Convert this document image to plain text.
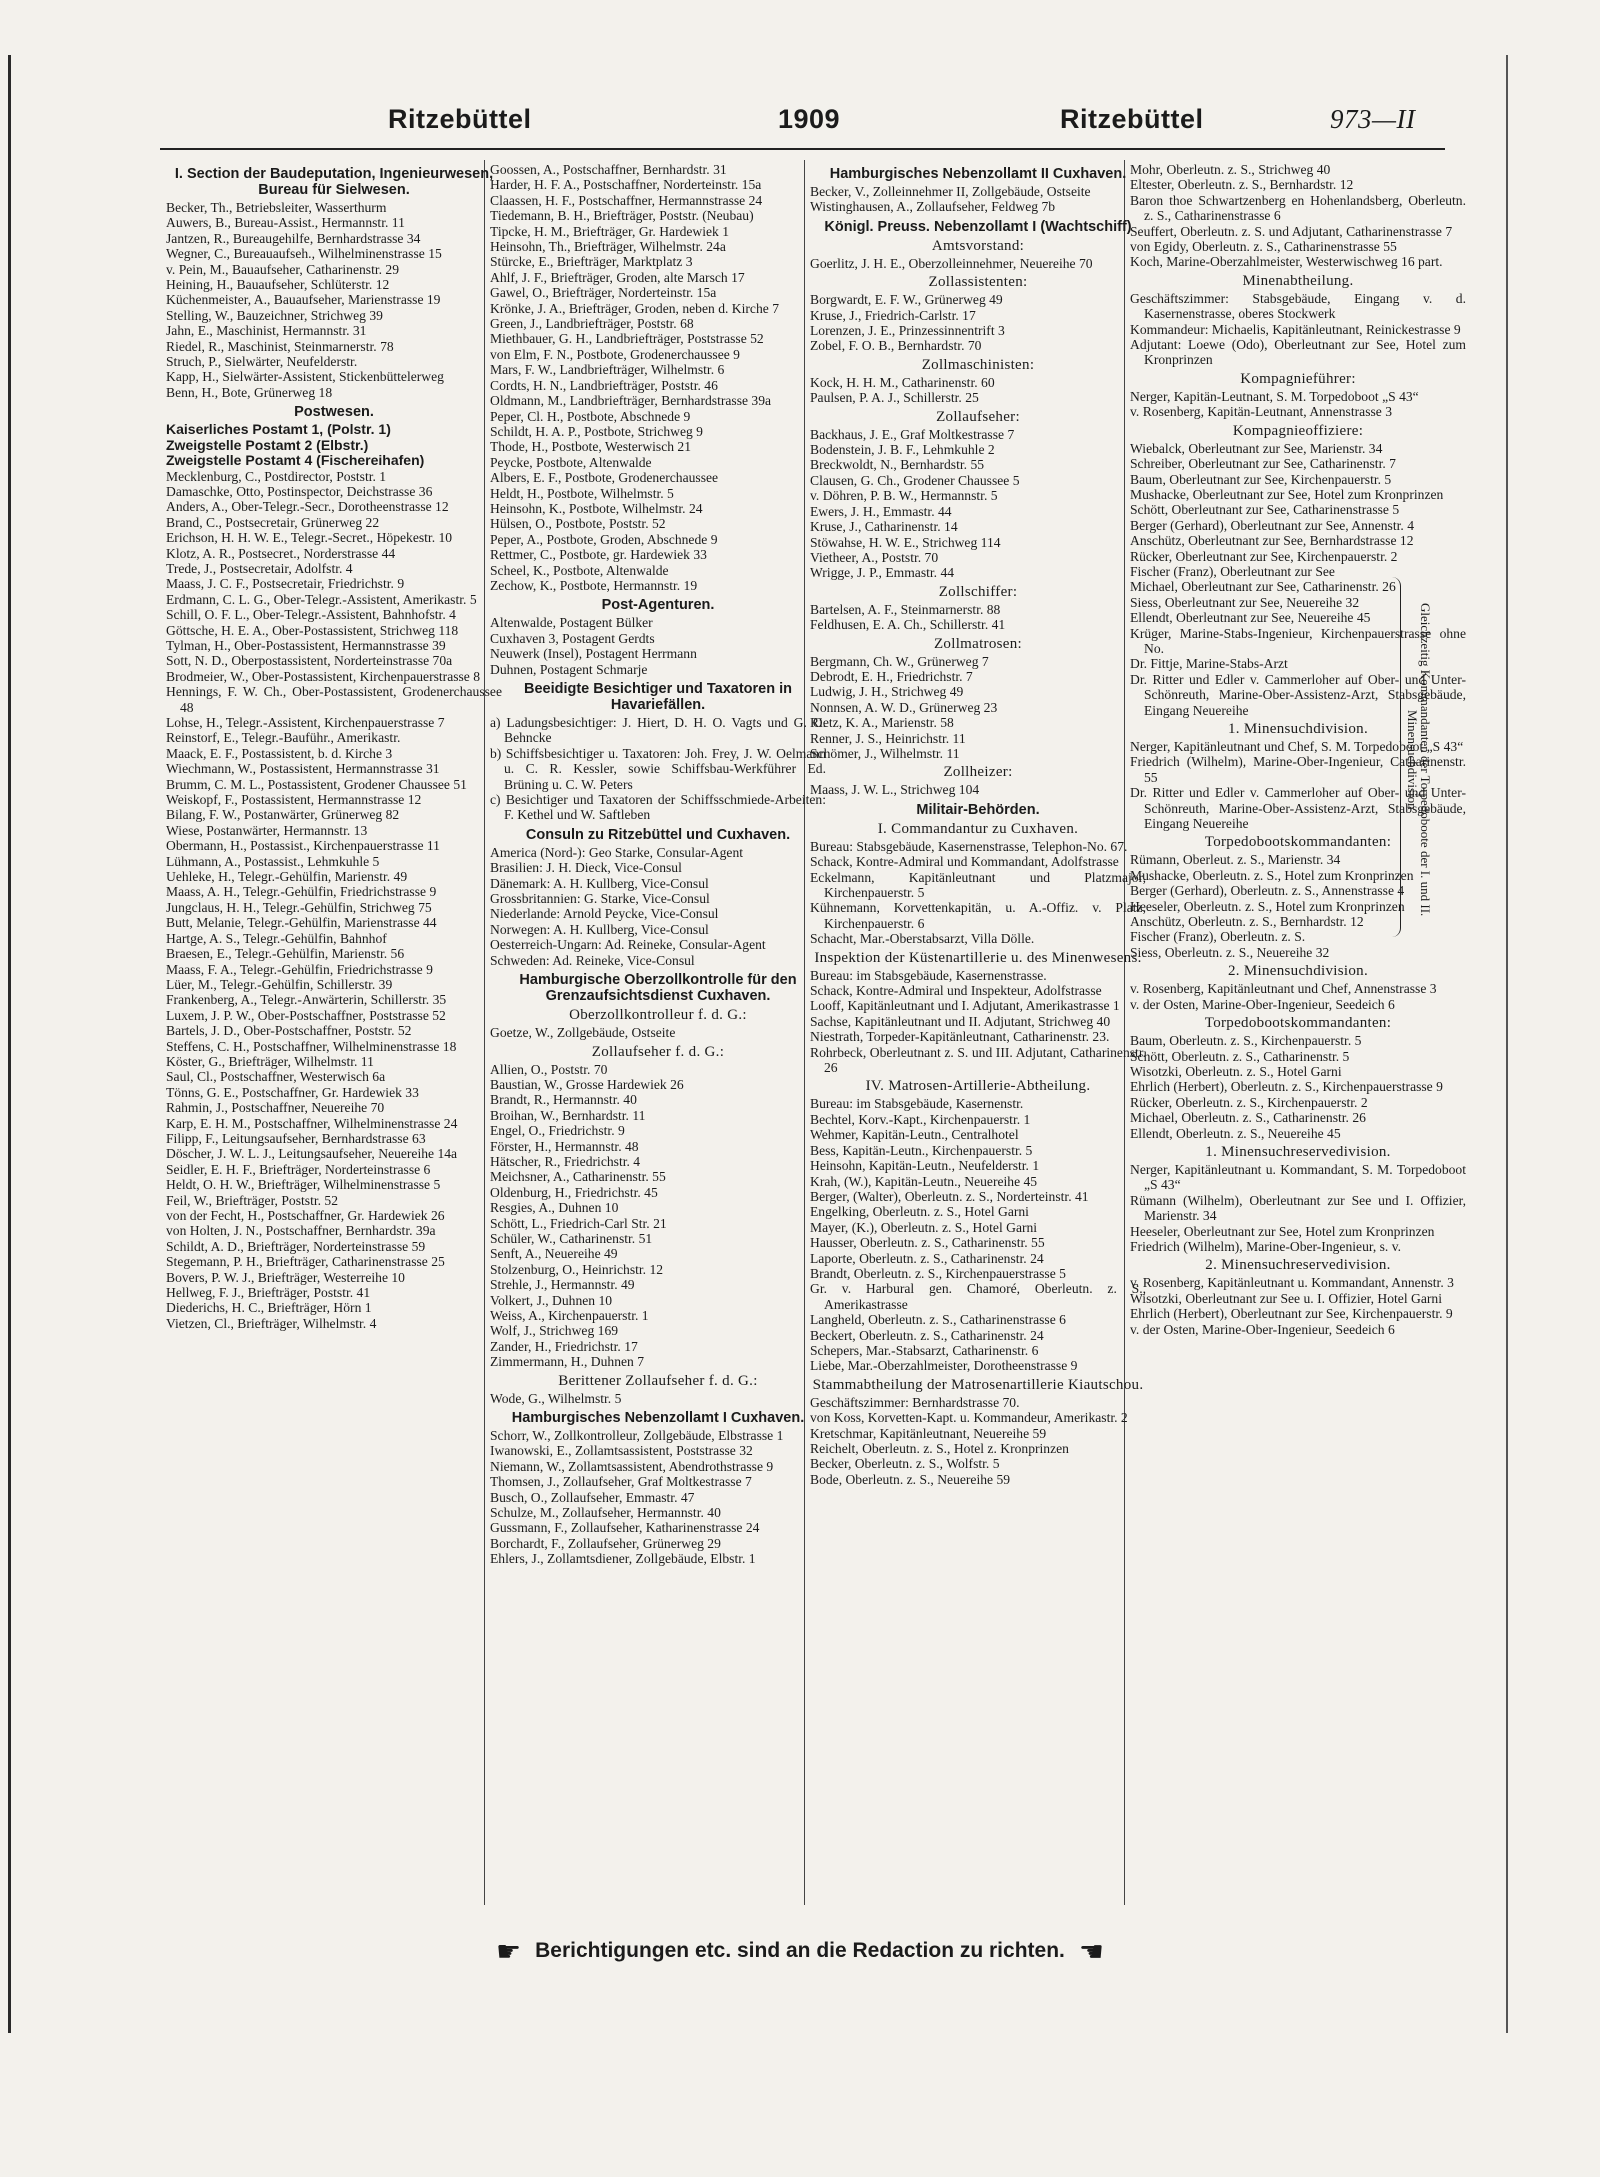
Ritzebüttel	1909	Ritzebüttel	973—II
I. Section der Baudeputation, Ingenieurwesen, Bureau für Sielwesen.
Becker, Th., Betriebsleiter, Wasserthurm
Auwers, B., Bureau-Assist., Hermannstr. 11
Jantzen, R., Bureaugehilfe, Bernhardstrasse 34
Wegner, C., Bureauaufseh., Wilhelminenstrasse 15
v. Pein, M., Bauaufseher, Catharinenstr. 29
Heining, H., Bauaufseher, Schlüterstr. 12
Küchenmeister, A., Bauaufseher, Marienstrasse 19
Stelling, W., Bauzeichner, Strichweg 39
Jahn, E., Maschinist, Hermannstr. 31
Riedel, R., Maschinist, Steinmarnerstr. 78
Struch, P., Sielwärter, Neufelderstr.
Kapp, H., Sielwärter-Assistent, Stickenbüttelerweg
Benn, H., Bote, Grünerweg 18
Postwesen.
Kaiserliches Postamt 1, (Polstr. 1)
Zweigstelle Postamt 2 (Elbstr.)
Zweigstelle Postamt 4 (Fischereihafen)
Mecklenburg, C., Postdirector, Poststr. 1
Damaschke, Otto, Postinspector, Deichstrasse 36
Anders, A., Ober-Telegr.-Secr., Dorotheenstrasse 12
Brand, C., Postsecretair, Grünerweg 22
Erichson, H. H. W. E., Telegr.-Secret., Höpekestr. 10
Klotz, A. R., Postsecret., Norderstrasse 44
Trede, J., Postsecretair, Adolfstr. 4
Maass, J. C. F., Postsecretair, Friedrichstr. 9
Erdmann, C. L. G., Ober-Telegr.-Assistent, Amerikastr. 5
Schill, O. F. L., Ober-Telegr.-Assistent, Bahnhofstr. 4
Göttsche, H. E. A., Ober-Postassistent, Strichweg 118
Tylman, H., Ober-Postassistent, Hermannstrasse 39
Sott, N. D., Oberpostassistent, Norderteinstrasse 70a
Brodmeier, W., Ober-Postassistent, Kirchenpauerstrasse 8
Hennings, F. W. Ch., Ober-Postassistent, Grodenerchaussee 48
Lohse, H., Telegr.-Assistent, Kirchenpauerstrasse 7
Reinstorf, E., Telegr.-Bauführ., Amerikastr.
Maack, E. F., Postassistent, b. d. Kirche 3
Wiechmann, W., Postassistent, Hermannstrasse 31
Brumm, C. M. L., Postassistent, Grodener Chaussee 51
Weiskopf, F., Postassistent, Hermannstrasse 12
Bilang, F. W., Postanwärter, Grünerweg 82
Wiese, Postanwärter, Hermannstr. 13
Obermann, H., Postassist., Kirchenpauerstrasse 11
Lühmann, A., Postassist., Lehmkuhle 5
Uehleke, H., Telegr.-Gehülfin, Marienstr. 49
Maass, A. H., Telegr.-Gehülfin, Friedrichstrasse 9
Jungclaus, H. H., Telegr.-Gehülfin, Strichweg 75
Butt, Melanie, Telegr.-Gehülfin, Marienstrasse 44
Hartge, A. S., Telegr.-Gehülfin, Bahnhof
Braesen, E., Telegr.-Gehülfin, Marienstr. 56
Maass, F. A., Telegr.-Gehülfin, Friedrichstrasse 9
Lüer, M., Telegr.-Gehülfin, Schillerstr. 39
Frankenberg, A., Telegr.-Anwärterin, Schillerstr. 35
Luxem, J. P. W., Ober-Postschaffner, Poststrasse 52
Bartels, J. D., Ober-Postschaffner, Poststr. 52
Steffens, C. H., Postschaffner, Wilhelminenstrasse 18
Köster, G., Briefträger, Wilhelmstr. 11
Saul, Cl., Postschaffner, Westerwisch 6a
Tönns, G. E., Postschaffner, Gr. Hardewiek 33
Rahmin, J., Postschaffner, Neuereihe 70
Karp, E. H. M., Postschaffner, Wilhelminenstrasse 24
Filipp, F., Leitungsaufseher, Bernhardstrasse 63
Döscher, J. W. L. J., Leitungsaufseher, Neuereihe 14a
Seidler, E. H. F., Briefträger, Norderteinstrasse 6
Heldt, O. H. W., Briefträger, Wilhelminenstrasse 5
Feil, W., Briefträger, Poststr. 52
von der Fecht, H., Postschaffner, Gr. Hardewiek 26
von Holten, J. N., Postschaffner, Bernhardstr. 39a
Schildt, A. D., Briefträger, Norderteinstrasse 59
Stegemann, P. H., Briefträger, Catharinenstrasse 25
Bovers, P. W. J., Briefträger, Westerreihe 10
Hellweg, F. J., Briefträger, Poststr. 41
Diederichs, H. C., Briefträger, Hörn 1
Vietzen, Cl., Briefträger, Wilhelmstr. 4
Goossen, A., Postschaffner, Bernhardstr. 31
Harder, H. F. A., Postschaffner, Norderteinstr. 15a
Claassen, H. F., Postschaffner, Hermannstrasse 24
Tiedemann, B. H., Briefträger, Poststr. (Neubau)
Tipcke, H. M., Briefträger, Gr. Hardewiek 1
Heinsohn, Th., Briefträger, Wilhelmstr. 24a
Stürcke, E., Briefträger, Marktplatz 3
Ahlf, J. F., Briefträger, Groden, alte Marsch 17
Gawel, O., Briefträger, Norderteinstr. 15a
Krönke, J. A., Briefträger, Groden, neben d. Kirche 7
Green, J., Landbriefträger, Poststr. 68
Miethbauer, G. H., Landbriefträger, Poststrasse 52
von Elm, F. N., Postbote, Grodenerchaussee 9
Mars, F. W., Landbriefträger, Wilhelmstr. 6
Cordts, H. N., Landbriefträger, Poststr. 46
Oldmann, M., Landbriefträger, Bernhardstrasse 39a
Peper, Cl. H., Postbote, Abschnede 9
Schildt, H. A. P., Postbote, Strichweg 9
Thode, H., Postbote, Westerwisch 21
Peycke, Postbote, Altenwalde
Albers, E. F., Postbote, Grodenerchaussee
Heldt, H., Postbote, Wilhelmstr. 5
Heinsohn, K., Postbote, Wilhelmstr. 24
Hülsen, O., Postbote, Poststr. 52
Peper, A., Postbote, Groden, Abschnede 9
Rettmer, C., Postbote, gr. Hardewiek 33
Scheel, K., Postbote, Altenwalde
Zechow, K., Postbote, Hermannstr. 19
Post-Agenturen.
Altenwalde, Postagent Bülker
Cuxhaven 3, Postagent Gerdts
Neuwerk (Insel), Postagent Herrmann
Duhnen, Postagent Schmarje
Beeidigte Besichtiger und Taxatoren in Havariefällen.
a) Ladungsbesichtiger: J. Hiert, D. H. O. Vagts und G. O. Behncke
b) Schiffsbesichtiger u. Taxatoren: Joh. Frey, J. W. Oelmann u. C. R. Kessler, sowie Schiffsbau-Werkführer Ed. Brüning u. C. W. Peters
c) Besichtiger und Taxatoren der Schiffsschmiede-Arbeiten: F. Kethel und W. Saftleben
Consuln zu Ritzebüttel und Cuxhaven.
America (Nord-): Geo Starke, Consular-Agent
Brasilien: J. H. Dieck, Vice-Consul
Dänemark: A. H. Kullberg, Vice-Consul
Grossbritannien: G. Starke, Vice-Consul
Niederlande: Arnold Peycke, Vice-Consul
Norwegen: A. H. Kullberg, Vice-Consul
Oesterreich-Ungarn: Ad. Reineke, Consular-Agent
Schweden: Ad. Reineke, Vice-Consul
Hamburgische Oberzollkontrolle für den Grenzaufsichtsdienst Cuxhaven.
Oberzollkontrolleur f. d. G.:
Goetze, W., Zollgebäude, Ostseite
Zollaufseher f. d. G.:
Allien, O., Poststr. 70
Baustian, W., Grosse Hardewiek 26
Brandt, R., Hermannstr. 40
Broihan, W., Bernhardstr. 11
Engel, O., Friedrichstr. 9
Förster, H., Hermannstr. 48
Hätscher, R., Friedrichstr. 4
Meichsner, A., Catharinenstr. 55
Oldenburg, H., Friedrichstr. 45
Resgies, A., Duhnen 10
Schött, L., Friedrich-Carl Str. 21
Schüler, W., Catharinenstr. 51
Senft, A., Neuereihe 49
Stolzenburg, O., Heinrichstr. 12
Strehle, J., Hermannstr. 49
Volkert, J., Duhnen 10
Weiss, A., Kirchenpauerstr. 1
Wolf, J., Strichweg 169
Zander, H., Friedrichstr. 17
Zimmermann, H., Duhnen 7
Berittener Zollaufseher f. d. G.:
Wode, G., Wilhelmstr. 5
Hamburgisches Nebenzollamt I Cuxhaven.
Schorr, W., Zollkontrolleur, Zollgebäude, Elbstrasse 1
Iwanowski, E., Zollamtsassistent, Poststrasse 32
Niemann, W., Zollamtsassistent, Abendrothstrasse 9
Thomsen, J., Zollaufseher, Graf Moltkestrasse 7
Busch, O., Zollaufseher, Emmastr. 47
Schulze, M., Zollaufseher, Hermannstr. 40
Gussmann, F., Zollaufseher, Katharinenstrasse 24
Borchardt, F., Zollaufseher, Grünerweg 29
Ehlers, J., Zollamtsdiener, Zollgebäude, Elbstr. 1
Hamburgisches Nebenzollamt II Cuxhaven.
Becker, V., Zolleinnehmer II, Zollgebäude, Ostseite
Wistinghausen, A., Zollaufseher, Feldweg 7b
Königl. Preuss. Nebenzollamt I (Wachtschiff)
Amtsvorstand:
Goerlitz, J. H. E., Oberzolleinnehmer, Neuereihe 70
Zollassistenten:
Borgwardt, E. F. W., Grünerweg 49
Kruse, J., Friedrich-Carlstr. 17
Lorenzen, J. E., Prinzessinnentrift 3
Zobel, F. O. B., Bernhardstr. 70
Zollmaschinisten:
Kock, H. H. M., Catharinenstr. 60
Paulsen, P. A. J., Schillerstr. 25
Zollaufseher:
Backhaus, J. E., Graf Moltkestrasse 7
Bodenstein, J. B. F., Lehmkuhle 2
Breckwoldt, N., Bernhardstr. 55
Clausen, G. Ch., Grodener Chaussee 5
v. Döhren, P. B. W., Hermannstr. 5
Ewers, J. H., Emmastr. 44
Kruse, J., Catharinenstr. 14
Stöwahse, H. W. E., Strichweg 114
Vietheer, A., Poststr. 70
Wrigge, J. P., Emmastr. 44
Zollschiffer:
Bartelsen, A. F., Steinmarnerstr. 88
Feldhusen, E. A. Ch., Schillerstr. 41
Zollmatrosen:
Bergmann, Ch. W., Grünerweg 7
Debrodt, E. H., Friedrichstr. 7
Ludwig, J. H., Strichweg 49
Nonnsen, A. W. D., Grünerweg 23
Rietz, K. A., Marienstr. 58
Renner, J. S., Heinrichstr. 11
Schömer, J., Wilhelmstr. 11
Zollheizer:
Maass, J. W. L., Strichweg 104
Militair-Behörden.
I. Commandantur zu Cuxhaven.
Bureau: Stabsgebäude, Kasernenstrasse, Telephon-No. 67.
Schack, Kontre-Admiral und Kommandant, Adolfstrasse
Eckelmann, Kapitänleutnant und Platzmajor, Kirchenpauerstr. 5
Kühnemann, Korvettenkapitän, u. A.-Offiz. v. Platz, Kirchenpauerstr. 6
Schacht, Mar.-Oberstabsarzt, Villa Dölle.
Inspektion der Küstenartillerie u. des Minenwesens.
Bureau: im Stabsgebäude, Kasernenstrasse.
Schack, Kontre-Admiral und Inspekteur, Adolfstrasse
Looff, Kapitänleutnant und I. Adjutant, Amerikastrasse 1
Sachse, Kapitänleutnant und II. Adjutant, Strichweg 40
Niestrath, Torpeder-Kapitänleutnant, Catharinenstr. 23.
Rohrbeck, Oberleutnant z. S. und III. Adjutant, Catharinenstr. 26
IV. Matrosen-Artillerie-Abtheilung.
Bureau: im Stabsgebäude, Kasernenstr.
Bechtel, Korv.-Kapt., Kirchenpauerstr. 1
Wehmer, Kapitän-Leutn., Centralhotel
Bess, Kapitän-Leutn., Kirchenpauerstr. 5
Heinsohn, Kapitän-Leutn., Neufelderstr. 1
Krah, (W.), Kapitän-Leutn., Neuereihe 45
Berger, (Walter), Oberleutn. z. S., Norderteinstr. 41
Engelking, Oberleutn. z. S., Hotel Garni
Mayer, (K.), Oberleutn. z. S., Hotel Garni
Hausser, Oberleutn. z. S., Catharinenstr. 55
Laporte, Oberleutn. z. S., Catharinenstr. 24
Brandt, Oberleutn. z. S., Kirchenpauerstrasse 5
Gr. v. Harbural gen. Chamoré, Oberleutn. z. S., Amerikastrasse
Langheld, Oberleutn. z. S., Catharinenstrasse 6
Beckert, Oberleutn. z. S., Catharinenstr. 24
Schepers, Mar.-Stabsarzt, Catharinenstr. 6
Liebe, Mar.-Oberzahlmeister, Dorotheenstrasse 9
Stammabtheilung der Matrosenartillerie Kiautschou.
Geschäftszimmer: Bernhardstrasse 70.
von Koss, Korvetten-Kapt. u. Kommandeur, Amerikastr. 2
Kretschmar, Kapitänleutnant, Neuereihe 59
Reichelt, Oberleutn. z. S., Hotel z. Kronprinzen
Becker, Oberleutn. z. S., Wolfstr. 5
Bode, Oberleutn. z. S., Neuereihe 59
Mohr, Oberleutn. z. S., Strichweg 40
Eltester, Oberleutn. z. S., Bernhardstr. 12
Baron thoe Schwartzenberg en Hohenlandsberg, Oberleutn. z. S., Catharinenstrasse 6
Seuffert, Oberleutn. z. S. und Adjutant, Catharinenstrasse 7
von Egidy, Oberleutn. z. S., Catharinenstrasse 55
Koch, Marine-Oberzahlmeister, Westerwischweg 16 part.
Minenabtheilung.
Geschäftszimmer: Stabsgebäude, Eingang v. d. Kasernenstrasse, oberes Stockwerk
Kommandeur: Michaelis, Kapitänleutnant, Reinickestrasse 9
Adjutant: Loewe (Odo), Oberleutnant zur See, Hotel zum Kronprinzen
Kompagnieführer:
Nerger, Kapitän-Leutnant, S. M. Torpedoboot „S 43“
v. Rosenberg, Kapitän-Leutnant, Annenstrasse 3
Kompagnieoffiziere:
Wiebalck, Oberleutnant zur See, Marienstr. 34
Schreiber, Oberleutnant zur See, Catharinenstr. 7
Baum, Oberleutnant zur See, Kirchenpauerstr. 5
Mushacke, Oberleutnant zur See, Hotel zum Kronprinzen
Schött, Oberleutnant zur See, Catharinenstrasse 5
Berger (Gerhard), Oberleutnant zur See, Annenstr. 4
Anschütz, Oberleutnant zur See, Bernhardstrasse 12
Rücker, Oberleutnant zur See, Kirchenpauerstr. 2
Fischer (Franz), Oberleutnant zur See
Michael, Oberleutnant zur See, Catharinenstr. 26
Siess, Oberleutnant zur See, Neuereihe 32
Ellendt, Oberleutnant zur See, Neuereihe 45
Krüger, Marine-Stabs-Ingenieur, Kirchenpauerstrasse ohne No.
Dr. Fittje, Marine-Stabs-Arzt
Dr. Ritter und Edler v. Cammerloher auf Ober- und Unter-Schönreuth, Marine-Ober-Assistenz-Arzt, Stabsgebäude, Eingang Neuereihe
1. Minensuchdivision.
Nerger, Kapitänleutnant und Chef, S. M. Torpedoboot „S 43“
Friedrich (Wilhelm), Marine-Ober-Ingenieur, Catharinenstr. 55
Dr. Ritter und Edler v. Cammerloher auf Ober- und Unter-Schönreuth, Marine-Ober-Assistenz-Arzt, Stabsgebäude, Eingang Neuereihe
Torpedobootskommandanten:
Rümann, Oberleut. z. S., Marienstr. 34
Mushacke, Oberleutn. z. S., Hotel zum Kronprinzen
Berger (Gerhard), Oberleutn. z. S., Annenstrasse 4
Heeseler, Oberleutn. z. S., Hotel zum Kronprinzen
Anschütz, Oberleutn. z. S., Bernhardstr. 12
Fischer (Franz), Oberleutn. z. S.
Siess, Oberleutn. z. S., Neuereihe 32
2. Minensuchdivision.
v. Rosenberg, Kapitänleutnant und Chef, Annenstrasse 3
v. der Osten, Marine-Ober-Ingenieur, Seedeich 6
Torpedobootskommandanten:
Baum, Oberleutn. z. S., Kirchenpauerstr. 5
Schött, Oberleutn. z. S., Catharinenstr. 5
Wisotzki, Oberleutn. z. S., Hotel Garni
Ehrlich (Herbert), Oberleutn. z. S., Kirchenpauerstrasse 9
Rücker, Oberleutn. z. S., Kirchenpauerstr. 2
Michael, Oberleutn. z. S., Catharinenstr. 26
Ellendt, Oberleutn. z. S., Neuereihe 45
1. Minensuchreservedivision.
Nerger, Kapitänleutnant u. Kommandant, S. M. Torpedoboot „S 43“
Rümann (Wilhelm), Oberleutnant zur See und I. Offizier, Marienstr. 34
Heeseler, Oberleutnant zur See, Hotel zum Kronprinzen
Friedrich (Wilhelm), Marine-Ober-Ingenieur, s. v.
2. Minensuchreservedivision.
v. Rosenberg, Kapitänleutnant u. Kommandant, Annenstr. 3
Wisotzki, Oberleutnant zur See u. I. Offizier, Hotel Garni
Ehrlich (Herbert), Oberleutnant zur See, Kirchenpauerstr. 9
v. der Osten, Marine-Ober-Ingenieur, Seedeich 6
Gleichzeitig Kommandanten der Torpedoboote der I. und II. Minensuchdivision
☛ Berichtigungen etc. sind an die Redaction zu richten. ☚
